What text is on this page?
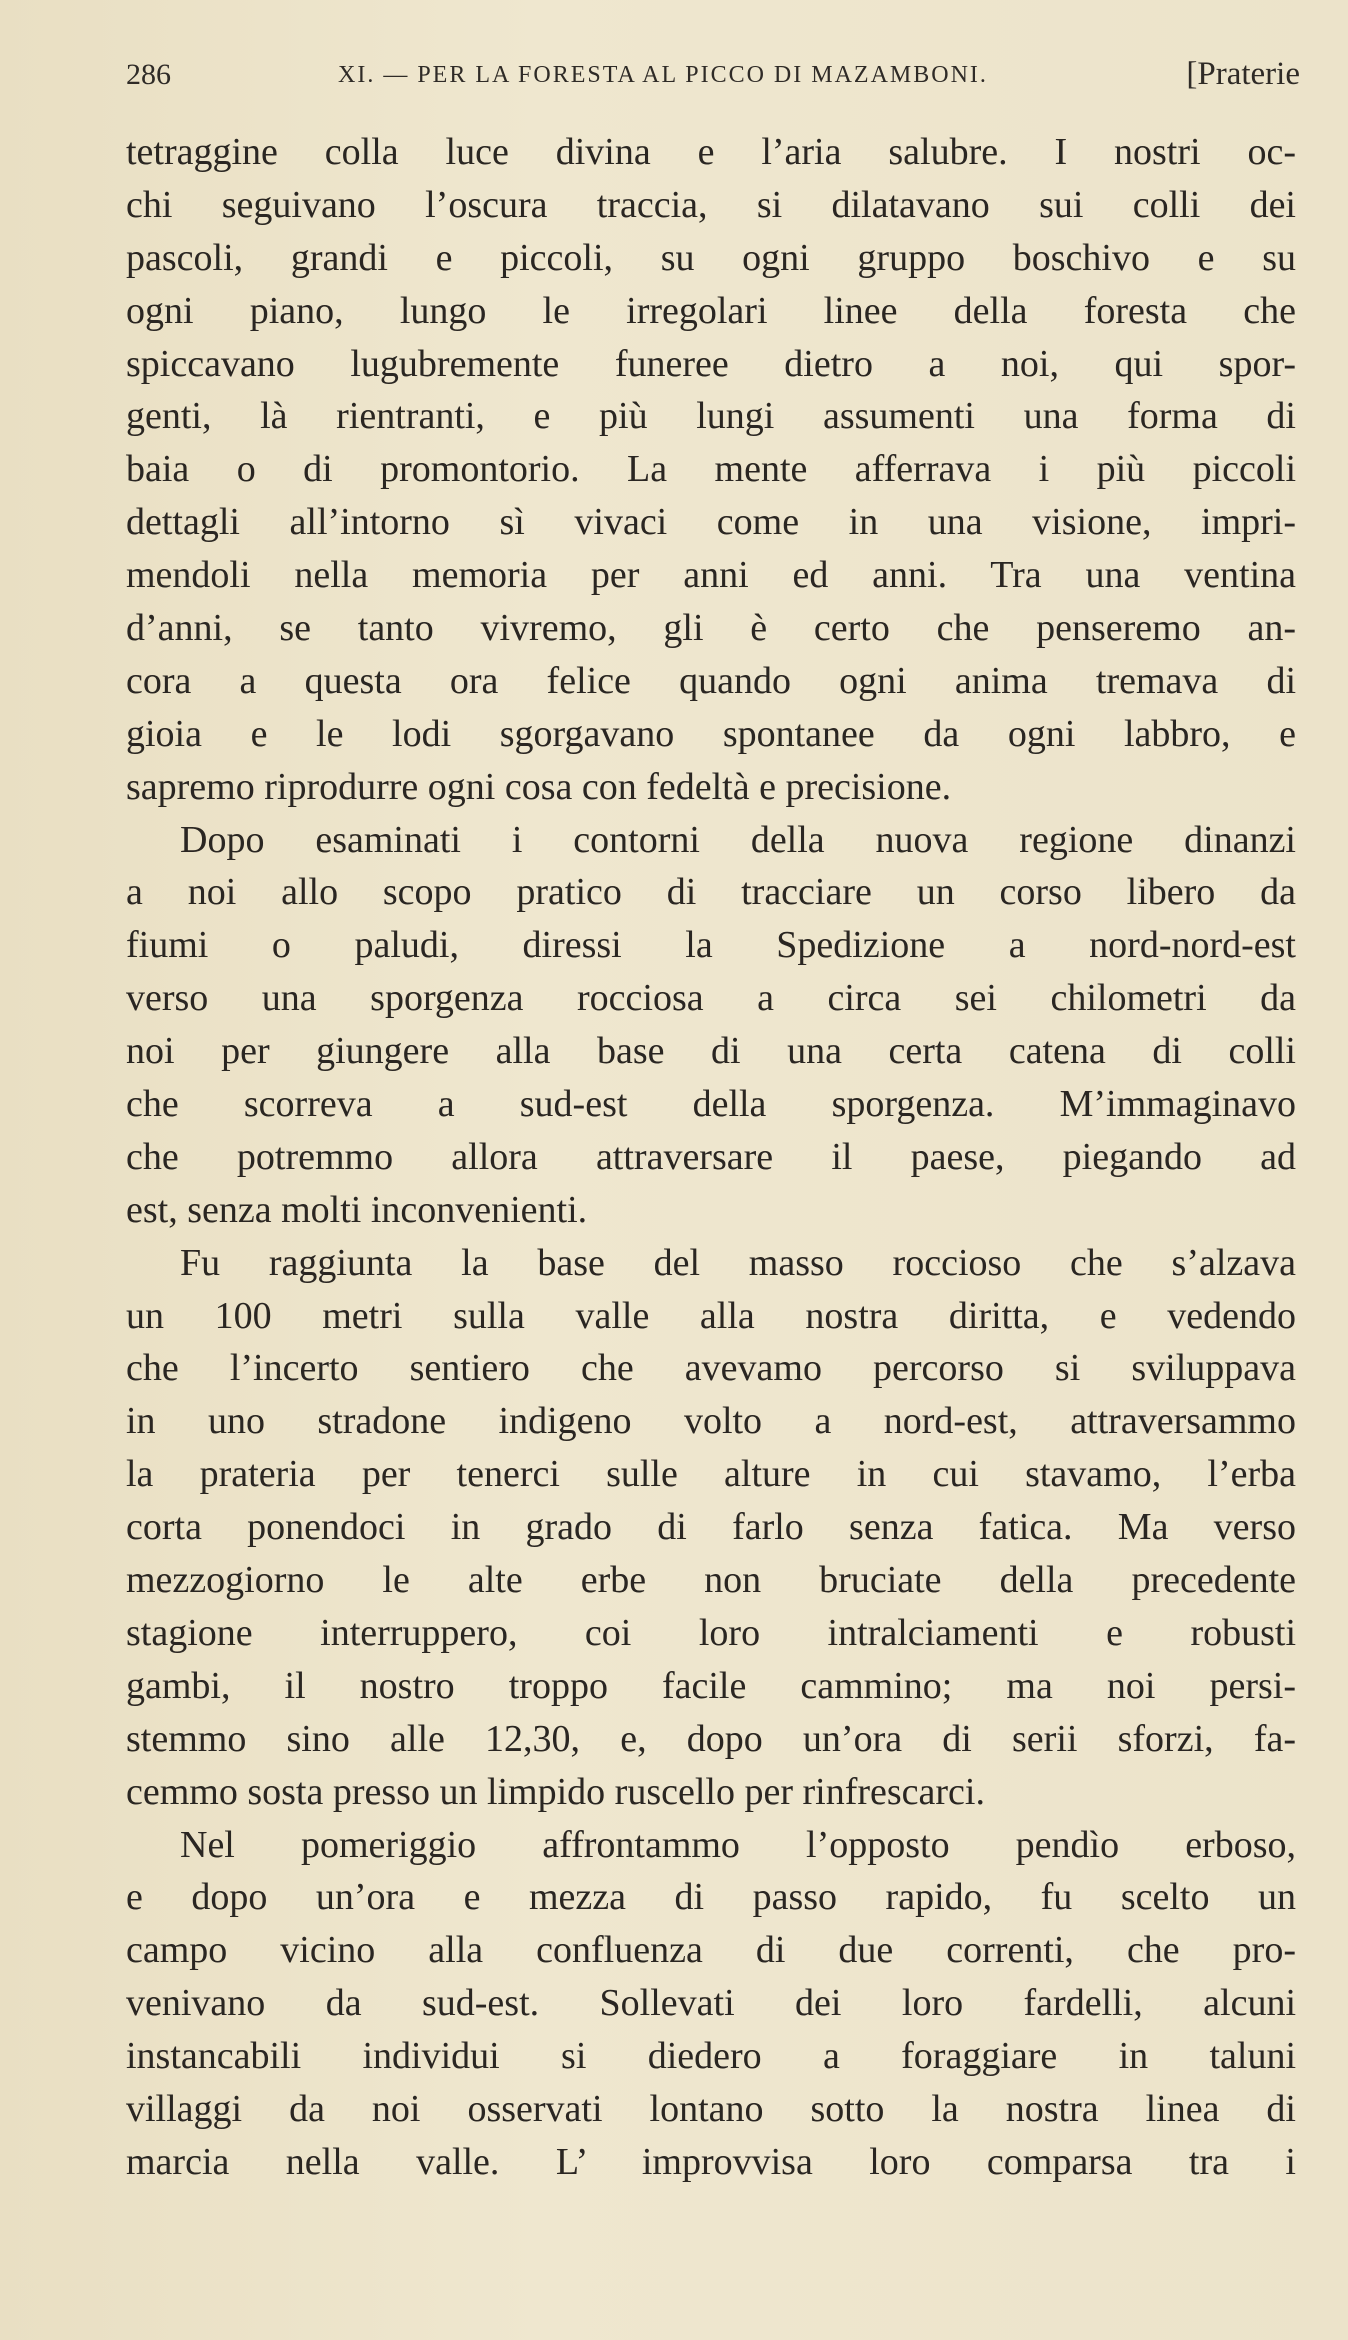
286	XI. — PER LA FORESTA AL PICCO DI MAZAMBONI.	[Praterie
tetraggine colla luce divina e l’aria salubre. I nostri oc-
chi seguivano l’oscura traccia, si dilatavano sui colli dei
pascoli, grandi e piccoli, su ogni gruppo boschivo e su
ogni piano, lungo le irregolari linee della foresta che
spiccavano lugubremente funeree dietro a noi, qui spor-
genti, là rientranti, e più lungi assumenti una forma di
baia o di promontorio. La mente afferrava i più piccoli
dettagli all’intorno sì vivaci come in una visione, impri-
mendoli nella memoria per anni ed anni. Tra una ventina
d’anni, se tanto vivremo, gli è certo che penseremo an-
cora a questa ora felice quando ogni anima tremava di
gioia e le lodi sgorgavano spontanee da ogni labbro, e
sapremo riprodurre ogni cosa con fedeltà e precisione.
Dopo esaminati i contorni della nuova regione dinanzi
a noi allo scopo pratico di tracciare un corso libero da
fiumi o paludi, diressi la Spedizione a nord-nord-est
verso una sporgenza rocciosa a circa sei chilometri da
noi per giungere alla base di una certa catena di colli
che scorreva a sud-est della sporgenza. M’immaginavo
che potremmo allora attraversare il paese, piegando ad
est, senza molti inconvenienti.
Fu raggiunta la base del masso roccioso che s’alzava
un 100 metri sulla valle alla nostra diritta, e vedendo
che l’incerto sentiero che avevamo percorso si sviluppava
in uno stradone indigeno volto a nord-est, attraversammo
la prateria per tenerci sulle alture in cui stavamo, l’erba
corta ponendoci in grado di farlo senza fatica. Ma verso
mezzogiorno le alte erbe non bruciate della precedente
stagione interruppero, coi loro intralciamenti e robusti
gambi, il nostro troppo facile cammino; ma noi persi-
stemmo sino alle 12,30, e, dopo un’ora di serii sforzi, fa-
cemmo sosta presso un limpido ruscello per rinfrescarci.
Nel pomeriggio affrontammo l’opposto pendìo erboso,
e dopo un’ora e mezza di passo rapido, fu scelto un
campo vicino alla confluenza di due correnti, che pro-
venivano da sud-est. Sollevati dei loro fardelli, alcuni
instancabili individui si diedero a foraggiare in taluni
villaggi da noi osservati lontano sotto la nostra linea di
marcia nella valle. L’ improvvisa loro comparsa tra i
